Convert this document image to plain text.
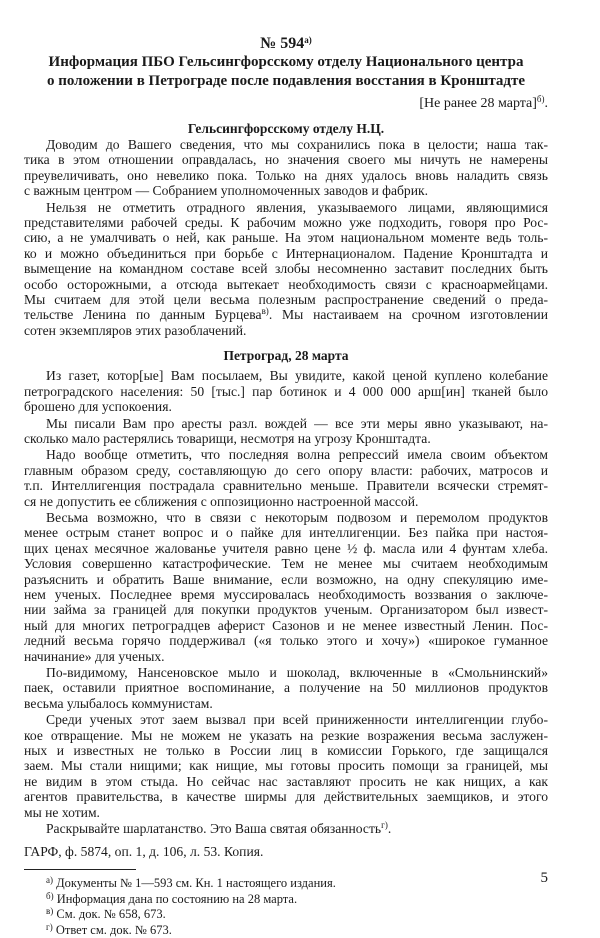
№ $594^{а)}$
Информация ПБО Гельсингфорсскому отделу Национального центра
о положении в Петрограде после подавления восстания в Кронштадте
[Не ранее 28 марта]$^{б)}$.
Гельсингфорсскому отделу Н.Ц.

Доводим до Вашего сведения, что мы сохранились пока в целости; наша так-
тика в этом отношении оправдалась, но значения своего мы ничуть не намерены
преувеличивать, оно невелико пока. Только на днях удалось вновь наладить связь
с важным центром — Собранием уполномоченных заводов и фабрик.

Нельзя не отметить отрадного явления, указываемого лицами, являющимися
представителями рабочей среды. К рабочим можно уже подходить, говоря про Рос-
сию, а не умалчивать о ней, как раньше. На этом национальном моменте ведь толь-
ко и можно объединиться при борьбе с Интернационалом. Падение Кронштадта и
вымещение на командном составе всей злобы несомненно заставит последних быть
особо осторожными, а отсюда вытекает необходимость связи с красноармейцами.
Мы считаем для этой цели весьма полезным распространение сведений о преда-
тельстве Ленина по данным Бурцева$^{в)}$. Мы настаиваем на срочном изготовлении
сотен экземпляров этих разоблачений.

Петроград, 28 марта

Из газет, котор[ые] Вам посылаем, Вы увидите, какой ценой куплено колебание
петроградского населения: 50 [тыс.] пар ботинок и 4 000 000 арш[ин] тканей было
брошено для успокоения.

Мы писали Вам про аресты разл. вождей — все эти меры явно указывают, на-
сколько мало растерялись товарищи, несмотря на угрозу Кронштадта.

Надо вообще отметить, что последняя волна репрессий имела своим объектом
главным образом среду, составляющую до сего опору власти: рабочих, матросов и
т.п. Интеллигенция пострадала сравнительно меньше. Правители всячески стремят-
ся не допустить ее сближения с оппозиционно настроенной массой.

Весьма возможно, что в связи с некоторым подвозом и перемолом продуктов
менее острым станет вопрос и о пайке для интеллигенции. Без пайка при настоя-
щих ценах месячное жалованье учителя равно цене ½ ф. масла или 4 фунтам хлеба.
Условия совершенно катастрофические. Тем не менее мы считаем необходимым
разъяснить и обратить Ваше внимание, если возможно, на одну спекуляцию име-
нем ученых. Последнее время муссировалась необходимость воззвания о заключе-
нии займа за границей для покупки продуктов ученым. Организатором был извест-
ный для многих петроградцев аферист Сазонов и не менее известный Ленин. Пос-
ледний весьма горячо поддерживал («я только этого и хочу») «широкое гуманное
начинание» для ученых.

По-видимому, Нансеновское мыло и шоколад, включенные в «Смольнинский»
паек, оставили приятное воспоминание, а получение на 50 миллионов продуктов
весьма улыбалось коммунистам.

Среди ученых этот заем вызвал при всей приниженности интеллигенции глубо-
кое отвращение. Мы не можем не указать на резкие возражения весьма заслужен-
ных и известных не только в России лиц в комиссии Горького, где защищался
заем. Мы стали нищими; как нищие, мы готовы просить помощи за границей, мы
не видим в этом стыда. Но сейчас нас заставляют просить не как нищих, а как
агентов правительства, в качестве ширмы для действительных заемщиков, и этого
мы не хотим.

Раскрывайте шарлатанство. Это Ваша святая обязанность$^{г)}$.

ГАРФ, ф. 5874, оп. 1, д. 106, л. 53. Копия.
$^{а)}$ Документы № 1—593 см. Кн. 1 настоящего издания.
$^{б)}$ Информация дана по состоянию на 28 марта.
$^{в)}$ См. док. № 658, 673.
$^{г)}$ Ответ см. док. № 673.
5
